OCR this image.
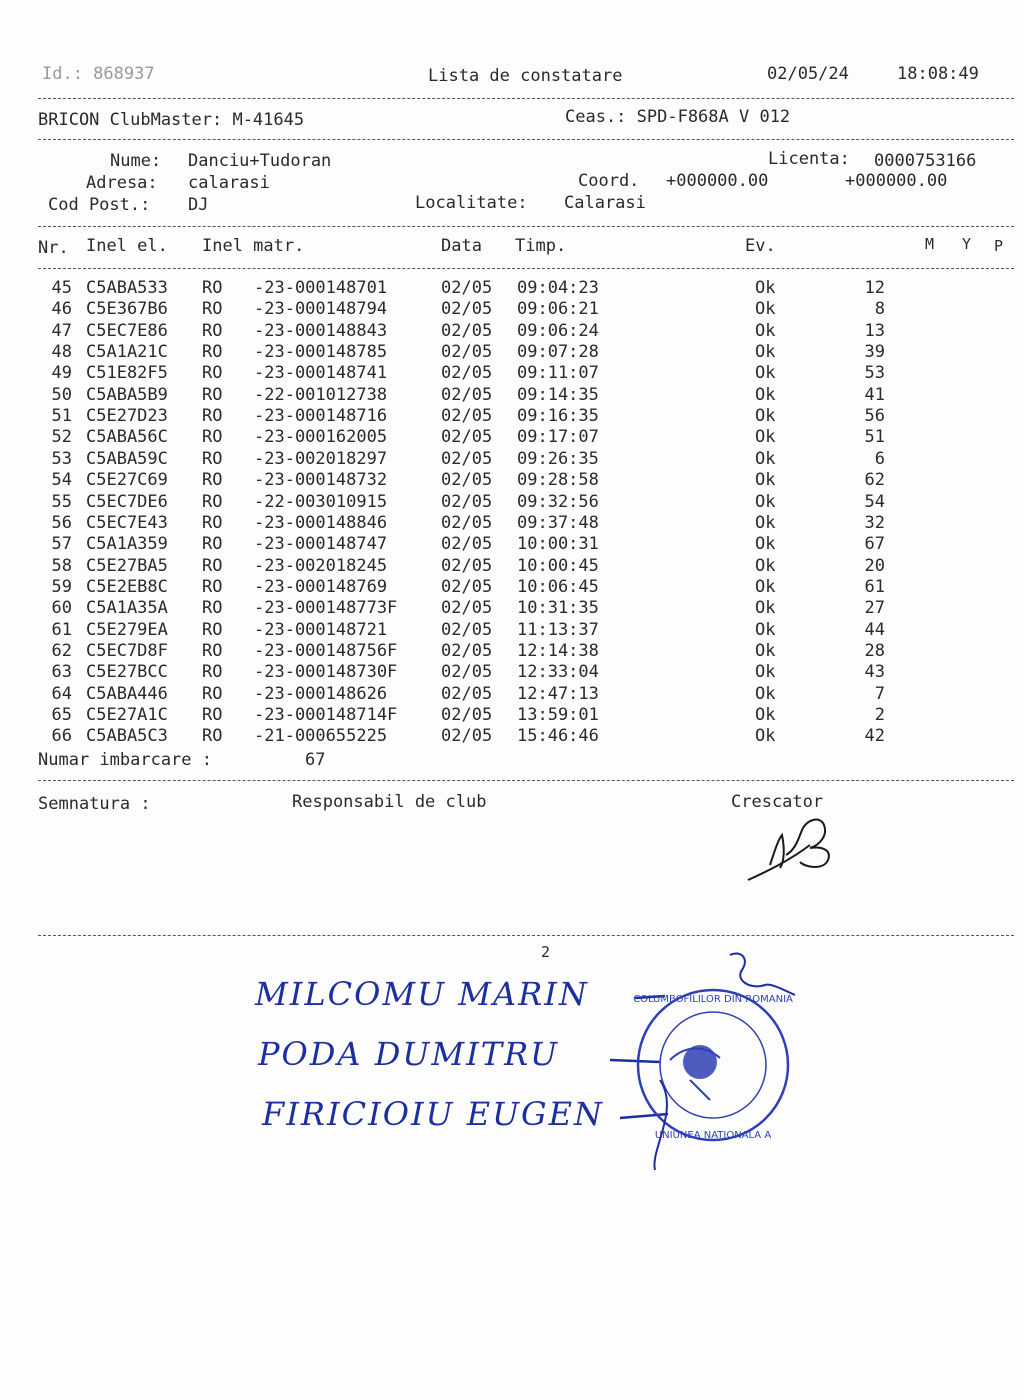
Id.: 868937	Lista de constatare	02/05/24	18:08:49
BRICON ClubMaster: M-41645	Ceas.: SPD-F868A V 012
Nume: Danciu+Tudoran	Licenta: 0000753166
Adresa: calarasi	Coord. +000000.00	+000000.00
Cod Post.: DJ	Localitate: Calarasi
Nr. Inel el. Inel matr.	Data Timp.	Ev.	M Y P
45 C5ABA533 RO -23-000148701	02/05 09:04:23	Ok	12
46 C5E367B6 RO -23-000148794	02/05 09:06:21	Ok	8
47 C5EC7E86 RO -23-000148843	02/05 09:06:24	Ok	13
48 C5A1A21C RO -23-000148785	02/05 09:07:28	Ok	39
49 C51E82F5 RO -23-000148741	02/05 09:11:07	Ok	53
50 C5ABA5B9 RO -22-001012738	02/05 09:14:35	Ok	41
51 C5E27D23 RO -23-000148716	02/05 09:16:35	Ok	56
52 C5ABA56C RO -23-000162005	02/05 09:17:07	Ok	51
53 C5ABA59C RO -23-002018297	02/05 09:26:35	Ok	6
54 C5E27C69 RO -23-000148732	02/05 09:28:58	Ok	62
55 C5EC7DE6 RO -22-003010915	02/05 09:32:56	Ok	54
56 C5EC7E43 RO -23-000148846	02/05 09:37:48	Ok	32
57 C5A1A359 RO -23-000148747	02/05 10:00:31	Ok	67
58 C5E27BA5 RO -23-002018245	02/05 10:00:45	Ok	20
59 C5E2EB8C RO -23-000148769	02/05 10:06:45	Ok	61
60 C5A1A35A RO -23-000148773F	02/05 10:31:35	Ok	27
61 C5E279EA RO -23-000148721	02/05 11:13:37	Ok	44
62 C5EC7D8F RO -23-000148756F	02/05 12:14:38	Ok	28
63 C5E27BCC RO -23-000148730F	02/05 12:33:04	Ok	43
64 C5ABA446 RO -23-000148626	02/05 12:47:13	Ok	7
65 C5E27A1C RO -23-000148714F	02/05 13:59:01	Ok	2
66 C5ABA5C3 RO -21-000655225	02/05 15:46:46	Ok	42
Numar imbarcare :	67
Semnatura :	Responsabil de club	Crescator
2
MILCOMU MARIN
PODA DUMITRU
FIRICIOIU EUGEN
COLUMBOFILILOR DIN ROMANIA
UNIUNEA NATIONALA A
